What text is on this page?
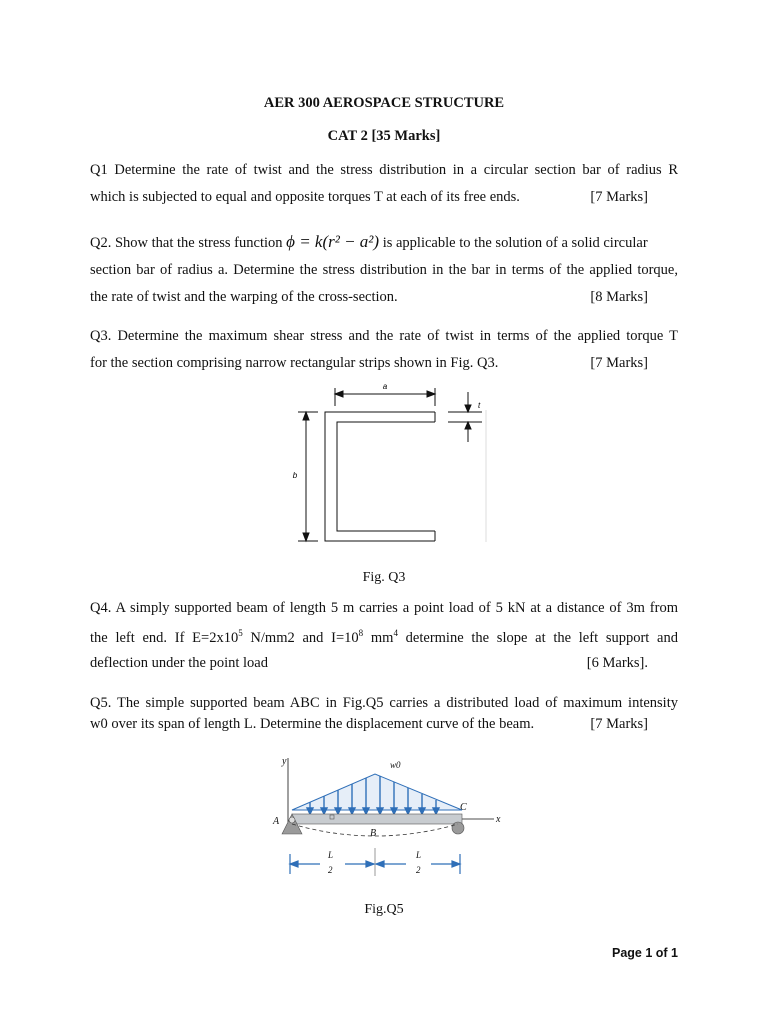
AER 300 AEROSPACE STRUCTURE
CAT 2 [35 Marks]
Q1 Determine the rate of twist and the stress distribution in a circular section bar of radius R
which is subjected to equal and opposite torques T at each of its free ends.	[7 Marks]
Q2. Show that the stress function ϕ = k(r² − a²) is applicable to the solution of a solid circular
section bar of radius a. Determine the stress distribution in the bar in terms of the applied torque,
the rate of twist and the warping of the cross-section.	[8 Marks]
Q3. Determine the maximum shear stress and the rate of twist in terms of the applied torque T
for the section comprising narrow rectangular strips shown in Fig. Q3.	[7 Marks]
a
b
t
Fig. Q3
Q4. A simply supported beam of length 5 m carries a point load of 5 kN at a distance of 3m from
the left end. If $E=2x10^5$ N/mm2 and $I=10^8$ $mm^4$ determine the slope at the left support and
deflection under the point load	[6 Marks].
Q5. The simple supported beam ABC in Fig.Q5 carries a distributed load of maximum intensity
w0 over its span of length L. Determine the displacement curve of the beam.	[7 Marks]
y
x
w0
A
B
C
L
2
L
2
Fig.Q5
Page 1 of 1
